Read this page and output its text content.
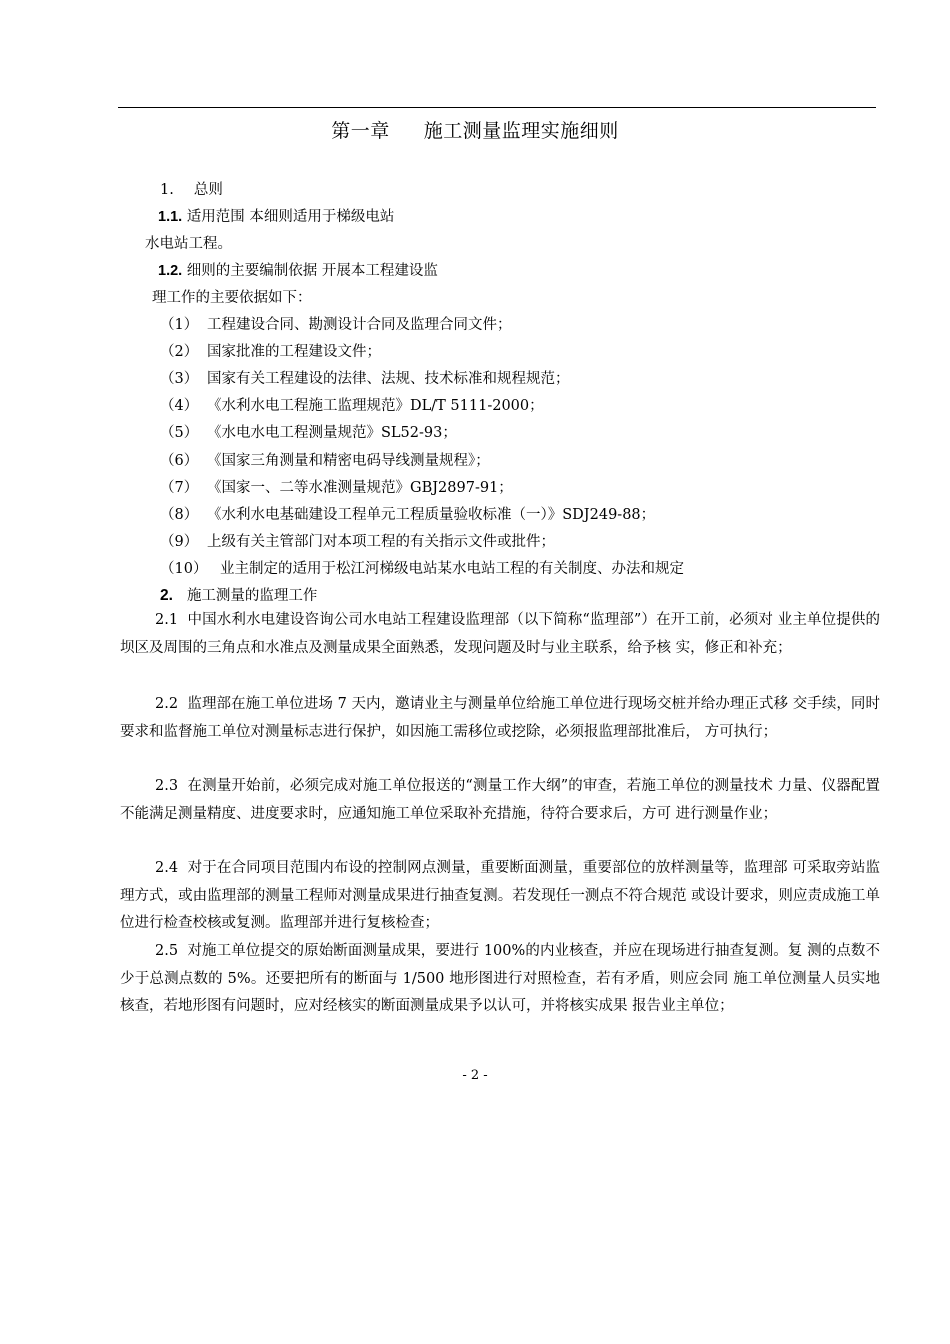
第一章 施工测量监理实施细则
1. 总则
1.1. 适用范围 本细则适用于梯级电站
水电站工程。
1.2. 细则的主要编制依据 开展本工程建设监
理工作的主要依据如下：
（1） 工程建设合同、勘测设计合同及监理合同文件；
（2） 国家批准的工程建设文件；
（3） 国家有关工程建设的法律、法规、技术标准和规程规范；
（4） 《水利水电工程施工监理规范》DL/T 5111-2000；
（5） 《水电水电工程测量规范》SL52-93；
（6） 《国家三角测量和精密电码导线测量规程》；
（7） 《国家一、二等水准测量规范》GBJ2897-91；
（8） 《水利水电基础建设工程单元工程质量验收标准（一）》SDJ249-88；
（9） 上级有关主管部门对本项工程的有关指示文件或批件；
（10） 业主制定的适用于松江河梯级电站某水电站工程的有关制度、办法和规定
2. 施工测量的监理工作
2.1 中国水利水电建设咨询公司水电站工程建设监理部（以下简称“监理部”）在开工前，必须对 业主单位提供的坝区及周围的三角点和水准点及测量成果全面熟悉，发现问题及时与业主联系，给予核 实，修正和补充；
2.2 监理部在施工单位进场 7 天内，邀请业主与测量单位给施工单位进行现场交桩并给办理正式移 交手续，同时要求和监督施工单位对测量标志进行保护，如因施工需移位或挖除，必须报监理部批准后， 方可执行；
2.3 在测量开始前，必须完成对施工单位报送的“测量工作大纲”的审查，若施工单位的测量技术 力量、仪器配置不能满足测量精度、进度要求时，应通知施工单位采取补充措施，待符合要求后，方可 进行测量作业；
2.4 对于在合同项目范围内布设的控制网点测量，重要断面测量，重要部位的放样测量等，监理部 可采取旁站监理方式，或由监理部的测量工程师对测量成果进行抽查复测。若发现任一测点不符合规范 或设计要求，则应责成施工单位进行检查校核或复测。监理部并进行复核检查；
2.5 对施工单位提交的原始断面测量成果，要进行 100%的内业核查，并应在现场进行抽查复测。复 测的点数不少于总测点数的 5%。还要把所有的断面与 1/500 地形图进行对照检查，若有矛盾，则应会同 施工单位测量人员实地核查，若地形图有问题时，应对经核实的断面测量成果予以认可，并将核实成果 报告业主单位；
- 2 -
